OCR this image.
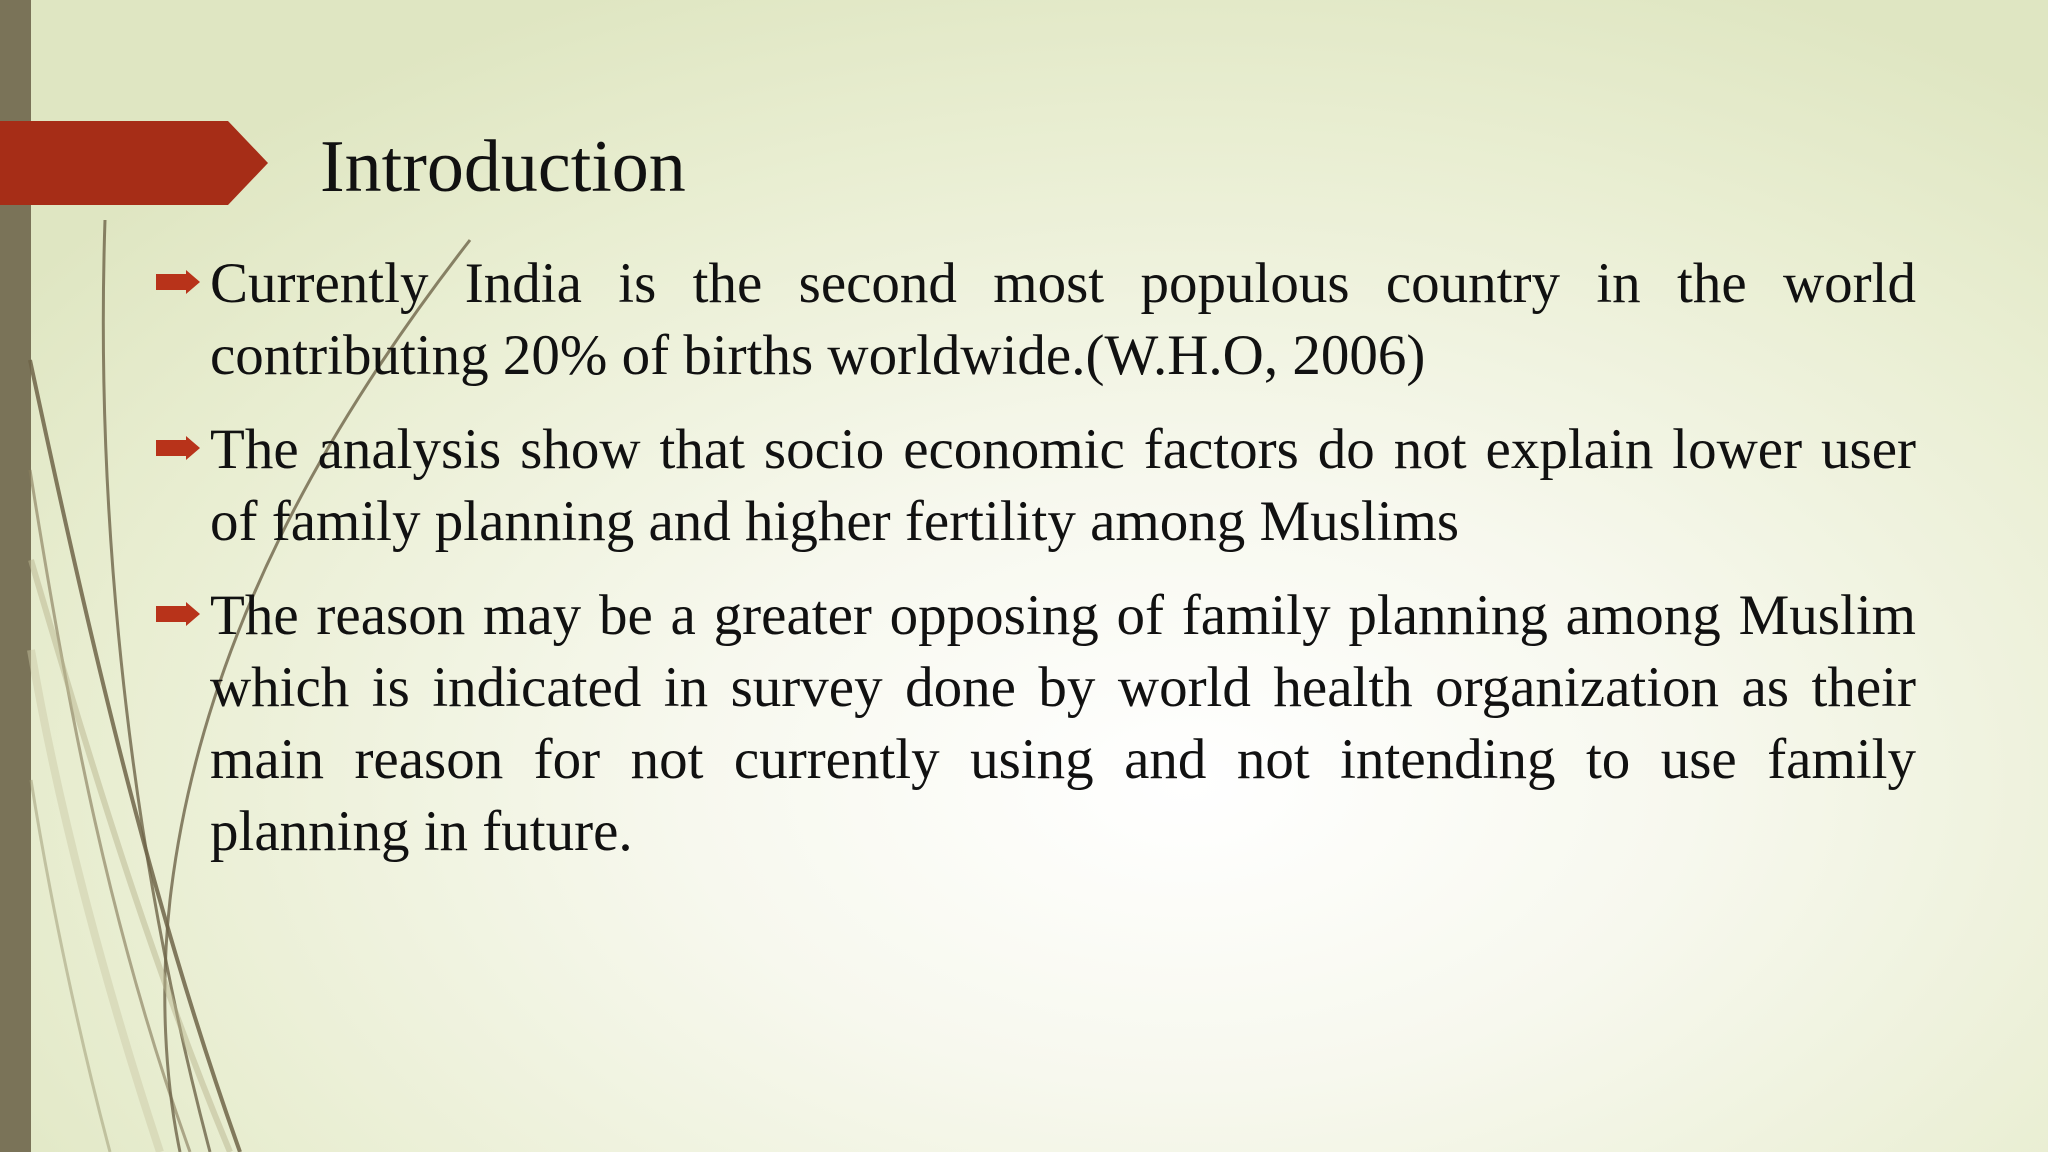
Introduction
Currently India is the second most populous country in the world contributing 20% of births worldwide.(W.H.O, 2006)
The analysis show that socio economic factors do not explain lower user of family planning and higher fertility among Muslims
The reason may be a greater opposing of family planning among Muslim which is indicated in survey done by world health organization as their main reason for not currently using and not intending to use family planning in future.
